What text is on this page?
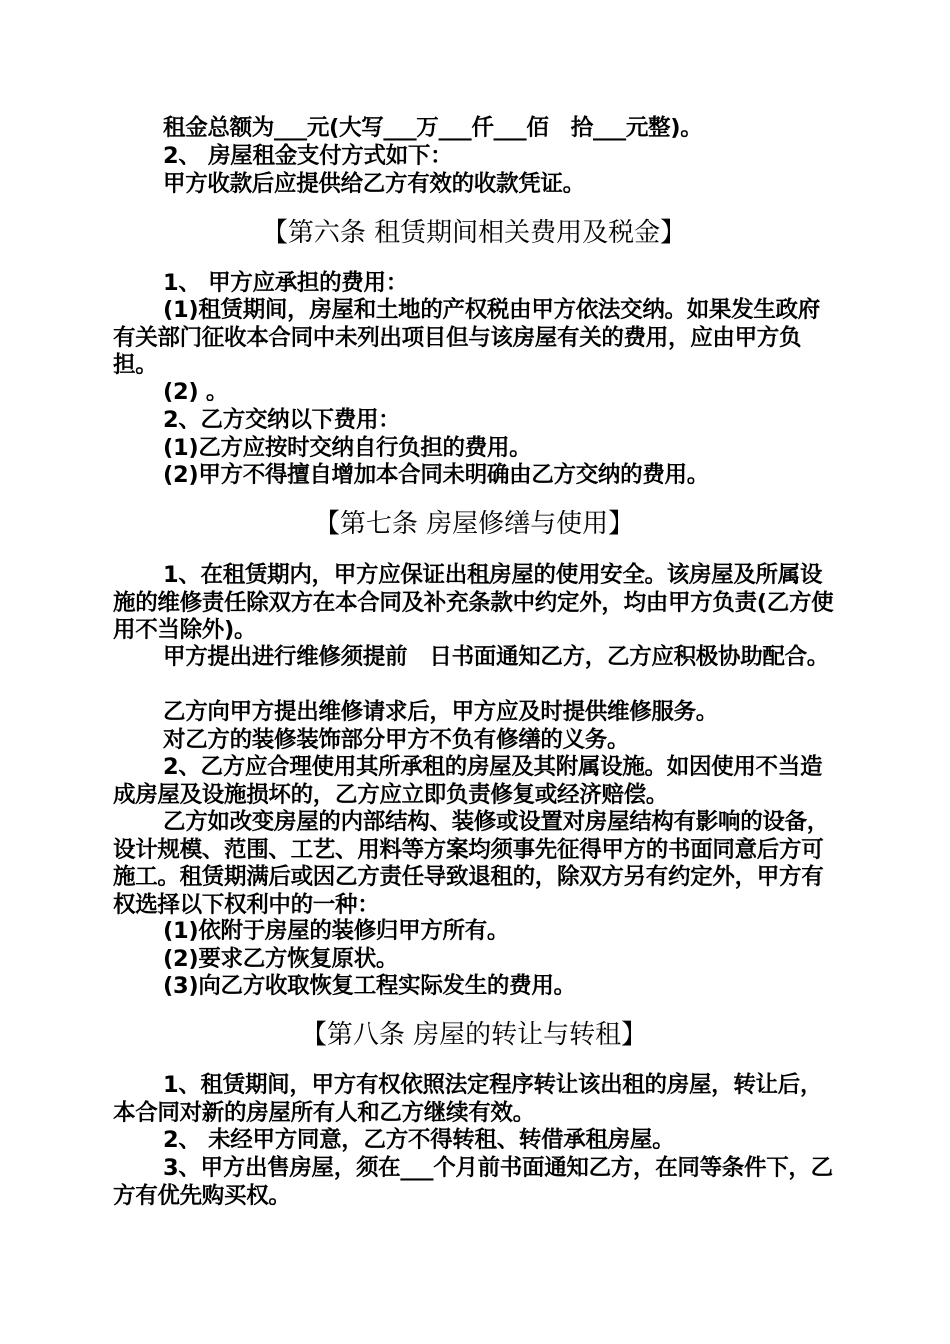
租金总额为___元(大写___万___仟___佰　拾___元整)。

2、 房屋租金支付方式如下：

甲方收款后应提供给乙方有效的收款凭证。

【第六条 租赁期间相关费用及税金】

1、 甲方应承担的费用：

(1)租赁期间，房屋和土地的产权税由甲方依法交纳。如果发生政府有关部门征收本合同中未列出项目但与该房屋有关的费用，应由甲方负担。

(2) 。

2、乙方交纳以下费用：

(1)乙方应按时交纳自行负担的费用。

(2)甲方不得擅自增加本合同未明确由乙方交纳的费用。

【第七条 房屋修缮与使用】

1、在租赁期内，甲方应保证出租房屋的使用安全。该房屋及所属设施的维修责任除双方在本合同及补充条款中约定外，均由甲方负责(乙方使用不当除外)。

甲方提出进行维修须提前　日书面通知乙方，乙方应积极协助配合。

乙方向甲方提出维修请求后，甲方应及时提供维修服务。

对乙方的装修装饰部分甲方不负有修缮的义务。

2、乙方应合理使用其所承租的房屋及其附属设施。如因使用不当造成房屋及设施损坏的，乙方应立即负责修复或经济赔偿。

乙方如改变房屋的内部结构、装修或设置对房屋结构有影响的设备，设计规模、范围、工艺、用料等方案均须事先征得甲方的书面同意后方可施工。租赁期满后或因乙方责任导致退租的，除双方另有约定外，甲方有权选择以下权利中的一种：

(1)依附于房屋的装修归甲方所有。

(2)要求乙方恢复原状。

(3)向乙方收取恢复工程实际发生的费用。

【第八条 房屋的转让与转租】

1、租赁期间，甲方有权依照法定程序转让该出租的房屋，转让后，本合同对新的房屋所有人和乙方继续有效。

2、 未经甲方同意，乙方不得转租、转借承租房屋。

3、甲方出售房屋，须在___个月前书面通知乙方，在同等条件下，乙方有优先购买权。
